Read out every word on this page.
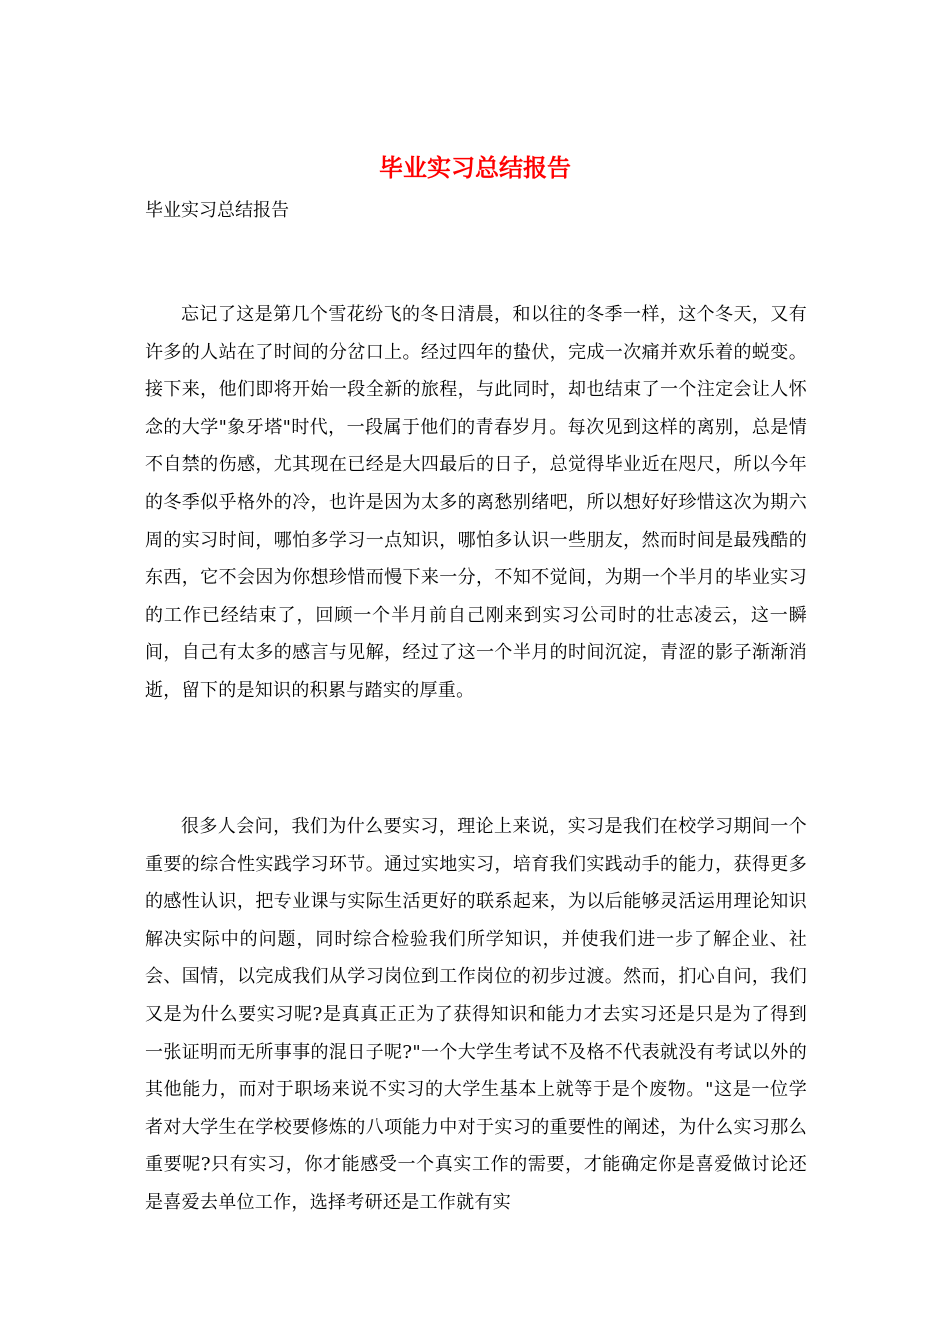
毕业实习总结报告

毕业实习总结报告

忘记了这是第几个雪花纷飞的冬日清晨，和以往的冬季一样，这个冬天，又有许多的人站在了时间的分岔口上。经过四年的蛰伏，完成一次痛并欢乐着的蜕变。接下来，他们即将开始一段全新的旅程，与此同时，却也结束了一个注定会让人怀念的大学"象牙塔"时代，一段属于他们的青春岁月。每次见到这样的离别，总是情不自禁的伤感，尤其现在已经是大四最后的日子，总觉得毕业近在咫尺，所以今年的冬季似乎格外的冷，也许是因为太多的离愁别绪吧，所以想好好珍惜这次为期六周的实习时间，哪怕多学习一点知识，哪怕多认识一些朋友，然而时间是最残酷的东西，它不会因为你想珍惜而慢下来一分，不知不觉间，为期一个半月的毕业实习的工作已经结束了，回顾一个半月前自己刚来到实习公司时的壮志凌云，这一瞬间，自己有太多的感言与见解，经过了这一个半月的时间沉淀，青涩的影子渐渐消逝，留下的是知识的积累与踏实的厚重。

很多人会问，我们为什么要实习，理论上来说，实习是我们在校学习期间一个重要的综合性实践学习环节。通过实地实习，培育我们实践动手的能力，获得更多的感性认识，把专业课与实际生活更好的联系起来，为以后能够灵活运用理论知识解决实际中的问题，同时综合检验我们所学知识，并使我们进一步了解企业、社会、国情，以完成我们从学习岗位到工作岗位的初步过渡。然而，扪心自问，我们又是为什么要实习呢?是真真正正为了获得知识和能力才去实习还是只是为了得到一张证明而无所事事的混日子呢?"一个大学生考试不及格不代表就没有考试以外的其他能力，而对于职场来说不实习的大学生基本上就等于是个废物。"这是一位学者对大学生在学校要修炼的八项能力中对于实习的重要性的阐述，为什么实习那么重要呢?只有实习，你才能感受一个真实工作的需要，才能确定你是喜爱做讨论还是喜爱去单位工作，选择考研还是工作就有实
